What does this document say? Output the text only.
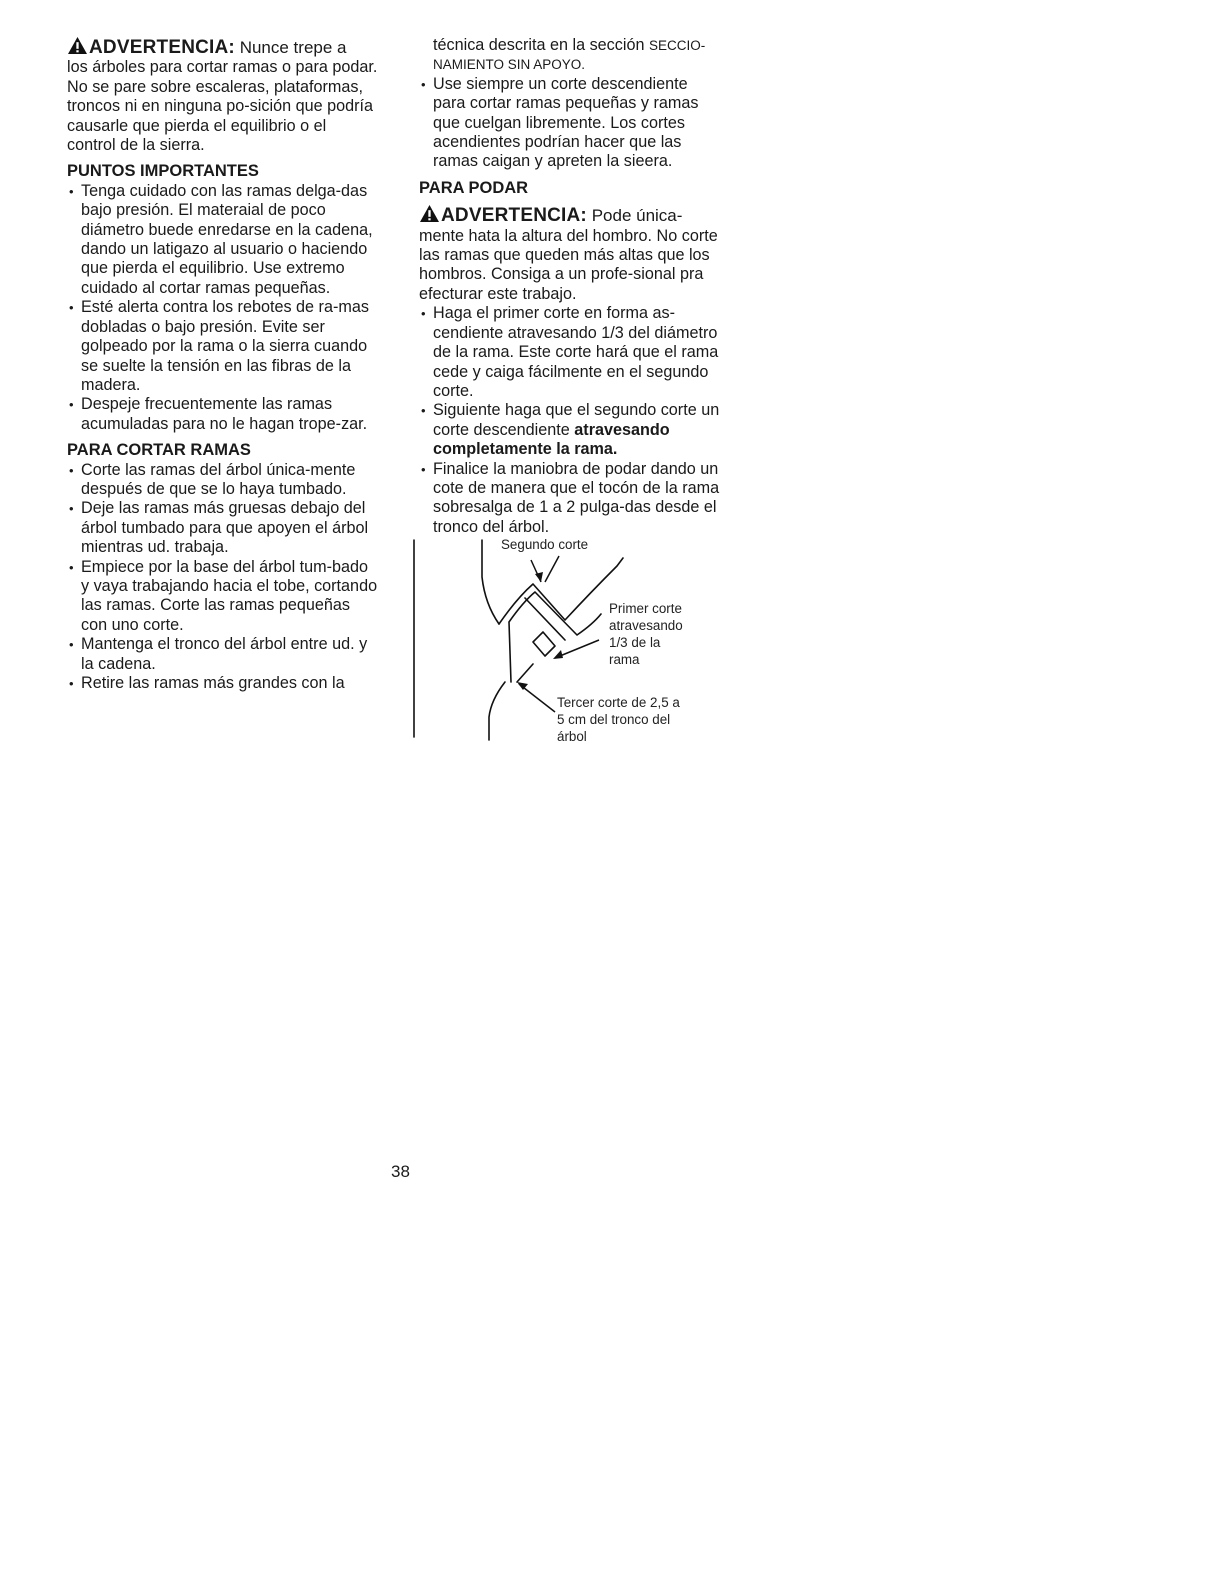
ADVERTENCIA: Nunce trepe a
los árboles para cortar ramas o para podar. No se pare sobre escaleras, plataformas, troncos ni en ninguna po-sición que podría causarle que pierda el equilibrio o el control de la sierra.

PUNTOS IMPORTANTES
• Tenga cuidado con las ramas delga-das bajo presión. El materaial de poco diámetro buede enredarse en la cadena, dando un latigazo al usuario o haciendo que pierda el equilibrio. Use extremo cuidado al cortar ramas pequeñas.
• Esté alerta contra los rebotes de ra-mas dobladas o bajo presión. Evite ser golpeado por la rama o la sierra cuando se suelte la tensión en las fibras de la madera.
• Despeje frecuentemente las ramas acumuladas para no le hagan trope-zar.
PARA CORTAR RAMAS
• Corte las ramas del árbol única-mente después de que se lo haya tumbado.
• Deje las ramas más gruesas debajo del árbol tumbado para que apoyen el árbol mientras ud. trabaja.
• Empiece por la base del árbol tum-bado y vaya trabajando hacia el tobe, cortando las ramas. Corte las ramas pequeñas con uno corte.
• Mantenga el tronco del árbol entre ud. y la cadena.
• Retire las ramas más grandes con la

técnica descrita en la sección SECCIO-NAMIENTO SIN APOYO.

• Use siempre un corte descendiente para cortar ramas pequeñas y ramas que cuelgan libremente. Los cortes acendientes podrían hacer que las ramas caigan y apreten la sieera.
PARA PODAR

ADVERTENCIA: Pode única-
mente hata la altura del hombro. No corte las ramas que queden más altas que los hombros. Consiga a un profe-sional pra efecturar este trabajo.

• Haga el primer corte en forma as-cendiente atravesando 1/3 del diámetro de la rama. Este corte hará que el rama cede y caiga fácilmente en el segundo corte.
• Siguiente haga que el segundo corte un corte descendiente atravesando completamente la rama.
• Finalice la maniobra de podar dando un cote de manera que el tocón de la rama sobresalga de 1 a 2 pulga-das desde el tronco del árbol.
Segundo corte
Primer corte
atravesando
1/3 de la
rama
Tercer corte de 2,5 a
5 cm del tronco del
árbol
38
